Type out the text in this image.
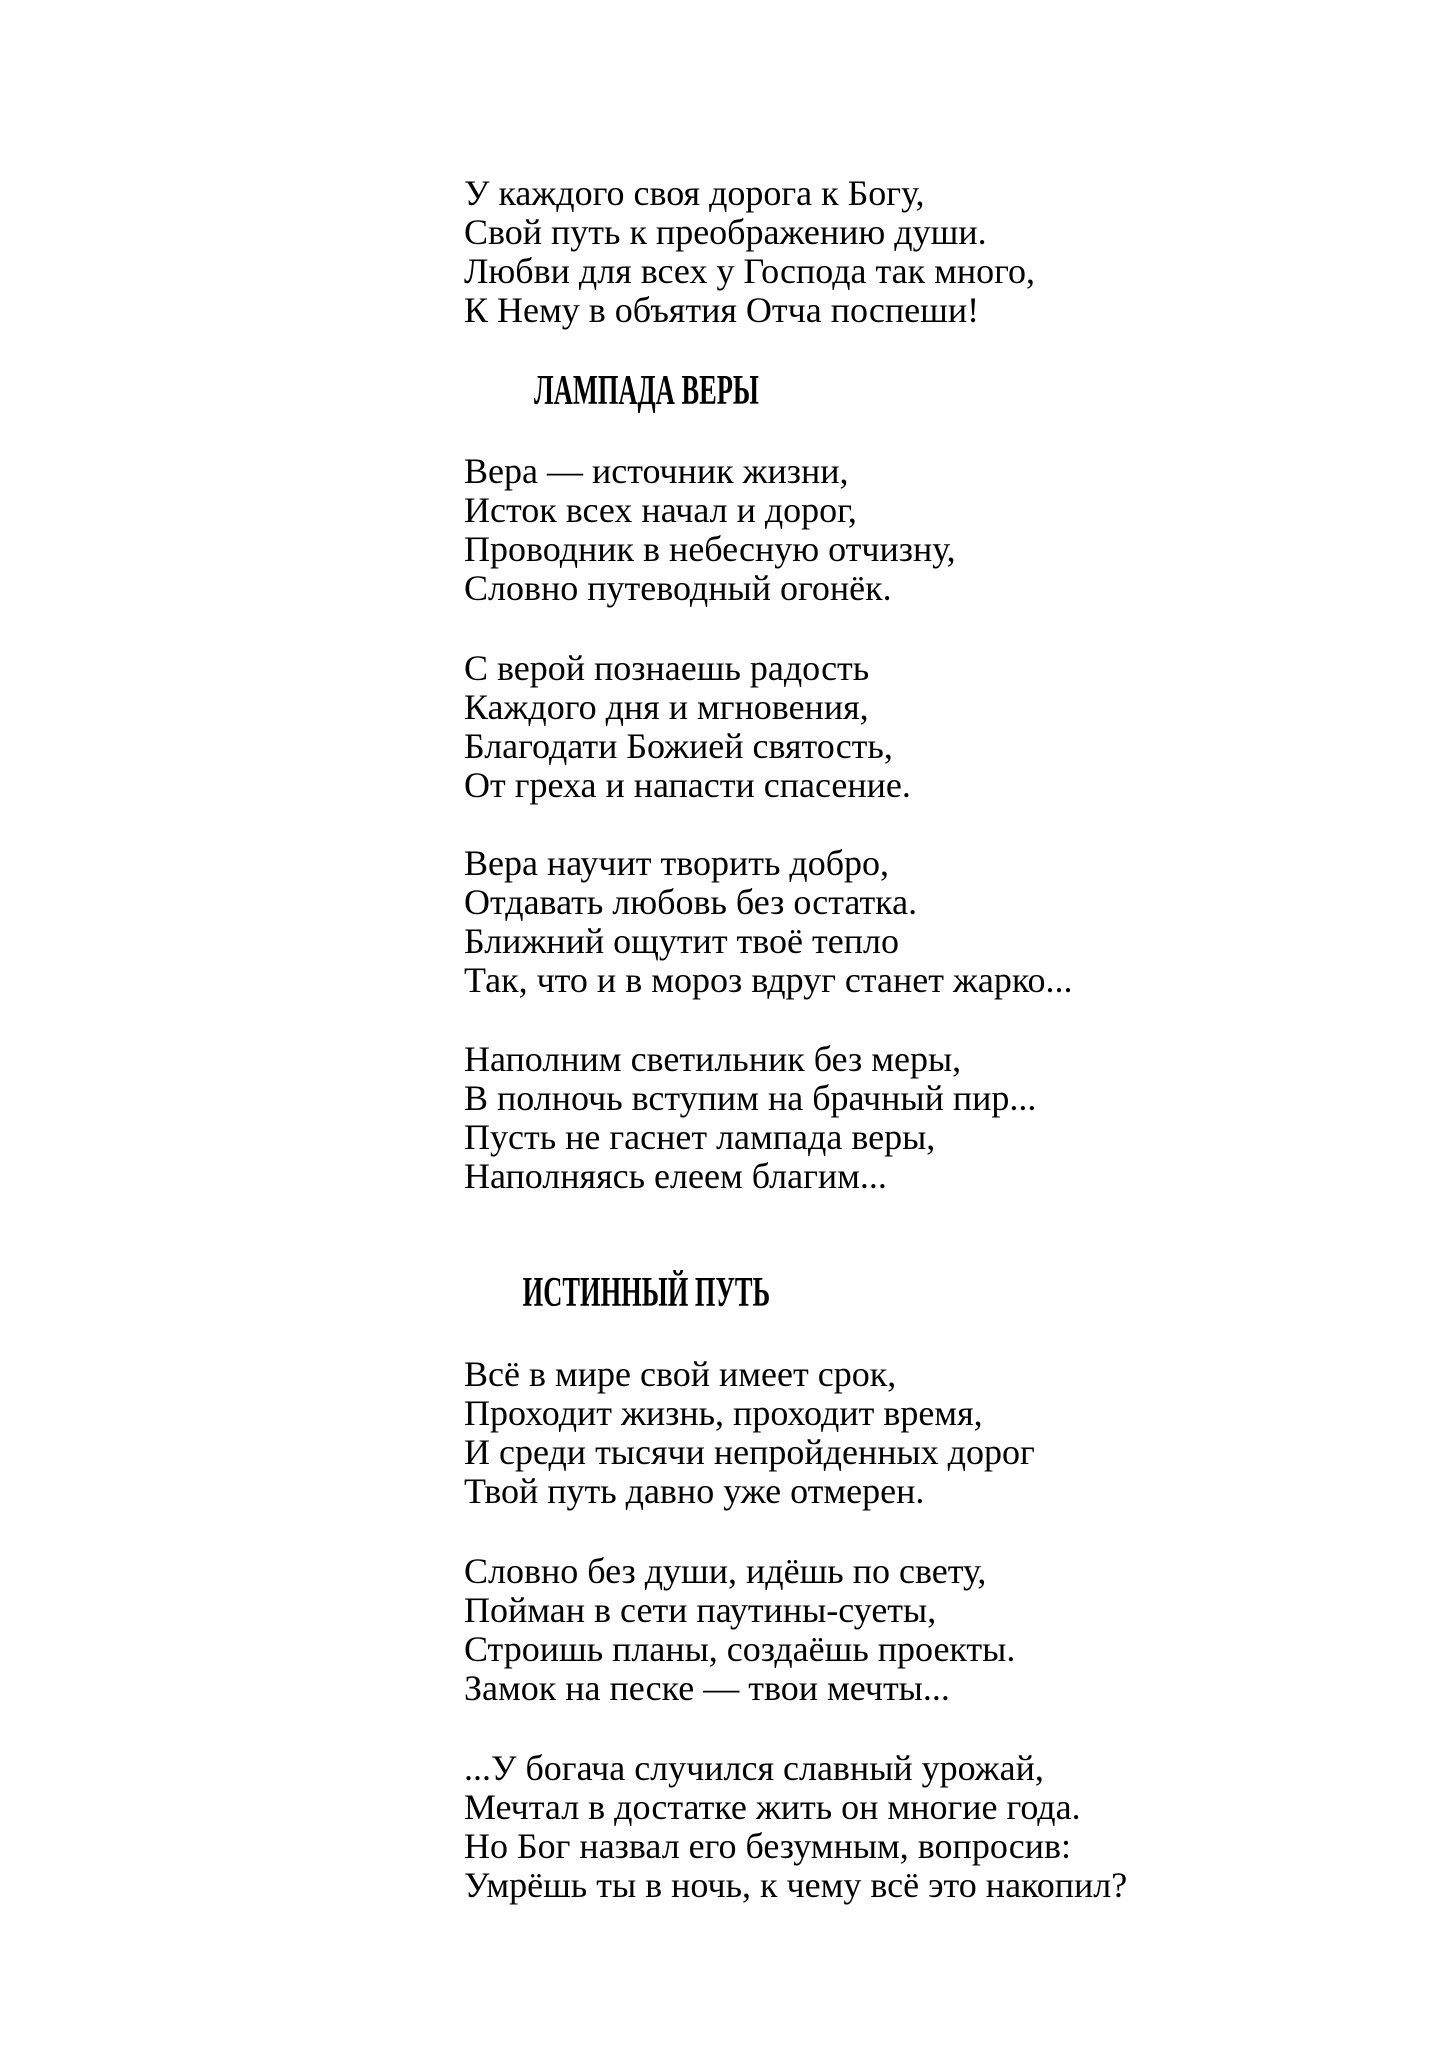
У каждого своя дорога к Богу,

Свой путь к преображению души.

Любви для всех у Господа так много,

К Нему в объятия Отча поспеши!

ЛАМПАДА ВЕРЫ

Вера — источник жизни,

Исток всех начал и дорог,

Проводник в небесную отчизну,

Словно путеводный огонёк.

С верой познаешь радость

Каждого дня и мгновения,

Благодати Божией святость,

От греха и напасти спасение.

Вера научит творить добро,

Отдавать любовь без остатка.

Ближний ощутит твоё тепло

Так, что и в мороз вдруг станет жарко...

Наполним светильник без меры,

В полночь вступим на брачный пир...

Пусть не гаснет лампада веры,

Наполняясь елеем благим...

ИСТИННЫЙ ПУТЬ

Всё в мире свой имеет срок,

Проходит жизнь, проходит время,

И среди тысячи непройденных дорог

Твой путь давно уже отмерен.

Словно без души, идёшь по свету,

Пойман в сети паутины-суеты,

Строишь планы, создаёшь проекты.

Замок на песке — твои мечты...

...У богача случился славный урожай,

Мечтал в достатке жить он многие года.

Но Бог назвал его безумным, вопросив:

Умрёшь ты в ночь, к чему всё это накопил?
